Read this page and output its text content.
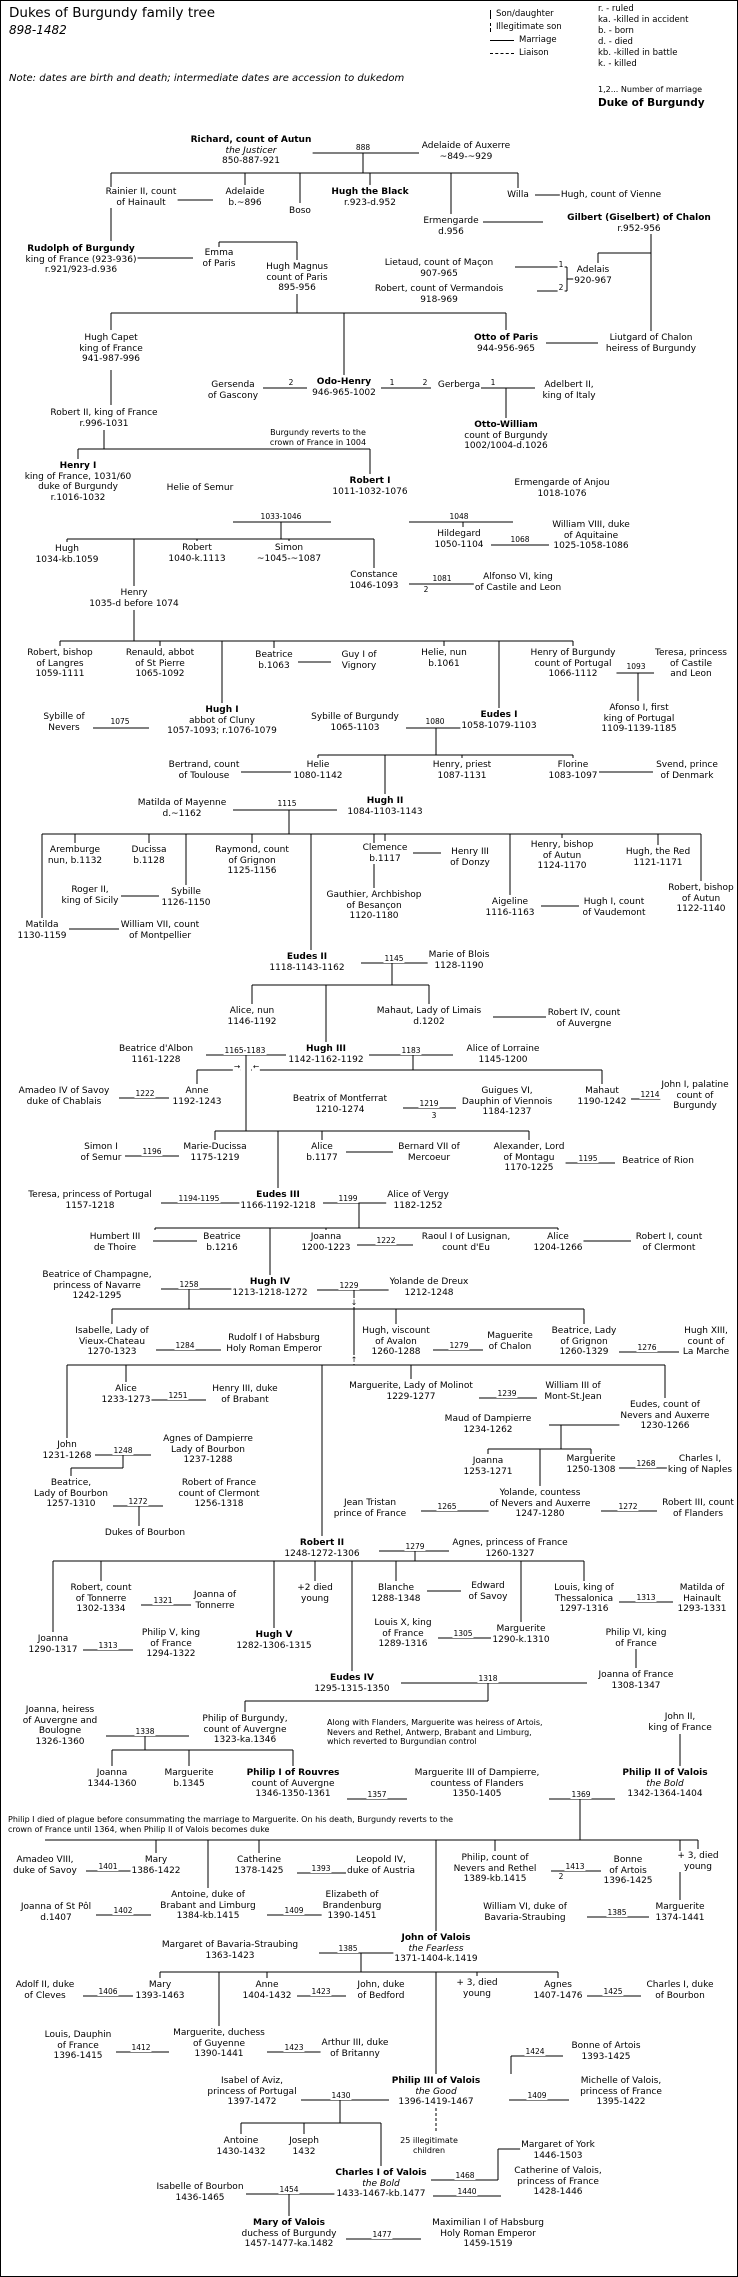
Dukes of Burgundy family tree
898-1482
Note: dates are birth and death; intermediate dates are accession to dukedom
Son/daughter
Illegitimate son
Marriage
Liaison
r. - ruled
ka. -killed in accident
b. - born
d. - died
kb. -killed in battle
k. - killed
1,2... Number of marriage
Duke of Burgundy
Richard, count of Autun
the Justicer
850-887-921
Adelaide of Auxerre
~849-~929
Rainier II, count
of Hainault
Adelaide
b.~896
Boso
Hugh the Black
r.923-d.952
Willa	Hugh, count of Vienne
Ermengarde
d.956
Gilbert (Giselbert) of Chalon
r.952-956
Rudolph of Burgundy
king of France (923-936)
r.921/923-d.936
Emma
of Paris	Hugh Magnus
count of Paris
895-956
Lietaud, count of Maçon
907-965
Robert, count of Vermandois
918-969
Adelais
920-967
Hugh Capet
king of France
941-987-996
Otto of Paris
944-956-965
Liutgard of Chalon
heiress of Burgundy
Gersenda
of Gascony
Odo-Henry
946-965-1002
Gerberga	Adelbert II,
king of Italy
Robert II, king of France
r.996-1031
Burgundy reverts to the
crown of France in 1004
Otto-William
count of Burgundy
1002/1004-d.1026
Henry I
king of France, 1031/60
duke of Burgundy
r.1016-1032
Helie of Semur
Robert I
1011-1032-1076
Ermengarde of Anjou
1018-1076
Hugh
1034-kb.1059
Robert
1040-k.1113
Simon
~1045-~1087
Hildegard
1050-1104
William VIII, duke
of Aquitaine
1025-1058-1086
Constance
1046-1093
Alfonso VI, king
of Castile and Leon
Henry
1035-d before 1074
Robert, bishop
of Langres
1059-1111
Renauld, abbot
of St Pierre
1065-1092
Beatrice
b.1063
Guy I of
Vignory
Helie, nun
b.1061
Henry of Burgundy
count of Portugal
1066-1112
Teresa, princess
of Castile
and Leon
Sybille of
Nevers
Hugh I
abbot of Cluny
1057-1093; r.1076-1079
Sybille of Burgundy
1065-1103
Eudes I
1058-1079-1103
Afonso I, first
king of Portugal
1109-1139-1185
Bertrand, count
of Toulouse
Helie
1080-1142
Henry, priest
1087-1131
Florine
1083-1097
Svend, prince
of Denmark
Matilda of Mayenne
d.~1162
Hugh II
1084-1103-1143
Aremburge
nun, b.1132
Ducissa
b.1128
Raymond, count
of Grignon
1125-1156
Clemence
b.1117
Henry III
of Donzy
Henry, bishop
of Autun
1124-1170
Hugh, the Red
1121-1171
Roger II,
king of Sicily
Sybille
1126-1150
Gauthier, Archbishop
of Besançon
1120-1180
Aigeline
1116-1163
Hugh I, count
of Vaudemont
Robert, bishop
of Autun
1122-1140
Matilda
1130-1159
William VII, count
of Montpellier
Eudes II
1118-1143-1162
Marie of Blois
1128-1190
Alice, nun
1146-1192
Mahaut, Lady of Limais
d.1202
Robert IV, count
of Auvergne
Beatrice d'Albon
1161-1228
Hugh III
1142-1162-1192
Alice of Lorraine
1145-1200
Amadeo IV of Savoy
duke of Chablais
Anne
1192-1243	Beatrix of Montferrat
1210-1274
Guigues VI,
Dauphin of Viennois
1184-1237
Mahaut
1190-1242
John I, palatine
count of
Burgundy
Simon I
of Semur
Marie-Ducissa
1175-1219
Alice
b.1177
Bernard VII of
Mercoeur
Alexander, Lord
of Montagu
1170-1225
Beatrice of Rion
Teresa, princess of Portugal
1157-1218
Eudes III
1166-1192-1218
Alice of Vergy
1182-1252
Humbert III
de Thoire
Beatrice
b.1216
Joanna
1200-1223
Raoul I of Lusignan,
count d'Eu
Alice
1204-1266
Robert I, count
of Clermont
Beatrice of Champagne,
princess of Navarre
1242-1295
Hugh IV
1213-1218-1272
Yolande de Dreux
1212-1248
Isabelle, Lady of
Vieux-Chateau
1270-1323
Rudolf I of Habsburg
Holy Roman Emperor
Hugh, viscount
of Avalon
1260-1288
Maguerite
of Chalon
Beatrice, Lady
of Grignon
1260-1329
Hugh XIII,
count of
La Marche
Alice
1233-1273
Henry III, duke
of Brabant
Marguerite, Lady of Molinot
1229-1277
William III of
Mont-St.Jean
Eudes, count of
Nevers and Auxerre
1230-1266
Maud of Dampierre
1234-1262
John
1231-1268
Agnes of Dampierre
Lady of Bourbon
1237-1288	Joanna
1253-1271
Marguerite
1250-1308
Charles I,
king of Naples
Beatrice,
Lady of Bourbon
1257-1310
Robert of France
count of Clermont
1256-1318
Dukes of Bourbon
Jean Tristan
prince of France
Yolande, countess
of Nevers and Auxerre
1247-1280
Robert III, count
of Flanders
Robert II
1248-1272-1306
Agnes, princess of France
1260-1327
Robert, count
of Tonnerre
1302-1334
Joanna of
Tonnerre
+2 died
young
Blanche
1288-1348
Edward
of Savoy
Louis, king of
Thessalonica
1297-1316
Matilda of
Hainault
1293-1331
Joanna
1290-1317
Philip V, king
of France
1294-1322
Hugh V
1282-1306-1315
Louis X, king
of France
1289-1316
Marguerite
1290-k.1310
Philip VI, king
of France
Joanna of France
1308-1347
Eudes IV
1295-1315-1350
Joanna, heiress
of Auvergne and
Boulogne
1326-1360
Philip of Burgundy,
count of Auvergne
1323-ka.1346
Along with Flanders, Marguerite was heiress of Artois,
Nevers and Rethel, Antwerp, Brabant and Limburg,
which reverted to Burgundian control
John II,
king of France
Joanna
1344-1360
Marguerite
b.1345
Philip I of Rouvres
count of Auvergne
1346-1350-1361
Marguerite III of Dampierre,
countess of Flanders
1350-1405
Philip II of Valois
the Bold
1342-1364-1404
Philip I died of plague before consummating the marriage to Marguerite. On his death, Burgundy reverts to the
crown of France until 1364, when Philip II of Valois becomes duke
Amadeo VIII,
duke of Savoy
Mary
1386-1422
Catherine
1378-1425
Leopold IV,
duke of Austria
Philip, count of
Nevers and Rethel
1389-kb.1415
Bonne
of Artois
1396-1425
+ 3, died
young
Joanna of St Pôl
d.1407
Antoine, duke of
Brabant and Limburg
1384-kb.1415
Elizabeth of
Brandenburg
1390-1451
William VI, duke of
Bavaria-Straubing
Marguerite
1374-1441
Margaret of Bavaria-Straubing
1363-1423
John of Valois
the Fearless
1371-1404-k.1419
Adolf II, duke
of Cleves
Mary
1393-1463
Anne
1404-1432
John, duke
of Bedford
+ 3, died
young
Agnes
1407-1476
Charles I, duke
of Bourbon
Louis, Dauphin
of France
1396-1415
Marguerite, duchess
of Guyenne
1390-1441
Arthur III, duke
of Britanny
Bonne of Artois
1393-1425
Isabel of Aviz,
princess of Portugal
1397-1472
Philip III of Valois
the Good
1396-1419-1467
Michelle of Valois,
princess of France
1395-1422
Antoine
1430-1432
Joseph
1432
25 illegitimate
children	Margaret of York
1446-1503
Charles I of Valois
the Bold
1433-1467-kb.1477
Catherine of Valois,
princess of France
1428-1446
Isabelle of Bourbon
1436-1465
Mary of Valois
duchess of Burgundy
1457-1477-ka.1482
Maximilian I of Habsburg
Holy Roman Emperor
1459-1519
888
1
2
2	1	2	1
1033-1046	1048
1068
1081
2
1093
1075	1080
1115
1145
1165-1183	1183
1222
1219
3
1214
1196
1195
1194-1195	1199
1222
1258	1229
1284	1279	1276
1251	1239
1248
1268
1272
1265	1272
1279
1321	1313
1313
1305
1318
1338
1357	1369
1401	1393	1413
2
1402	1409	1385
1385
1406	1423	1425
1412	1423	1424
1430	1409
1468
1440
1454
1477
→ ←
↓
↑
